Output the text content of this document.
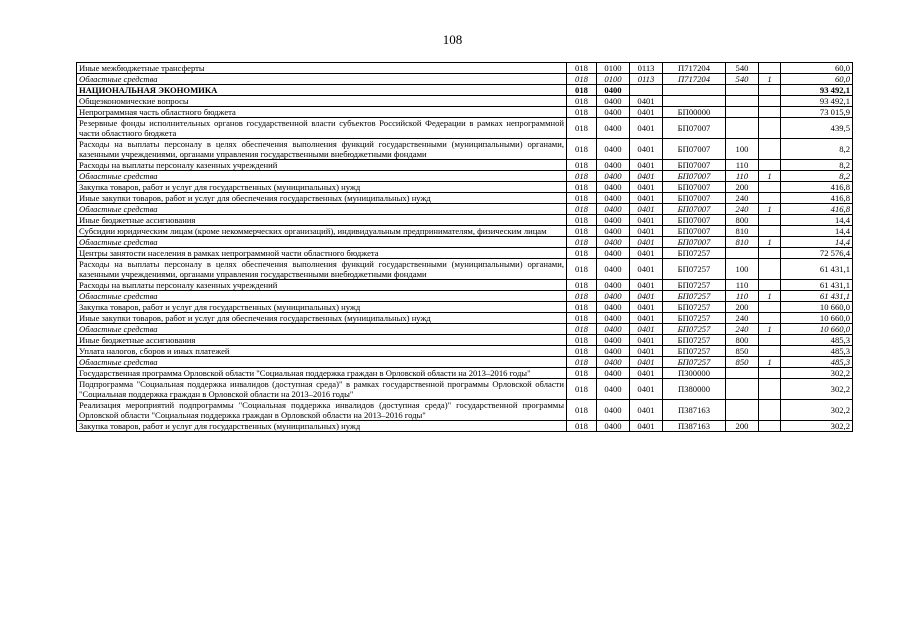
108
Иные межбюджетные трансферты	018	0100	0113	П717204	540		60,0
Областные средства	018	0100	0113	П717204	540	1	60,0
НАЦИОНАЛЬНАЯ ЭКОНОМИКА	018	0400					93 492,1
Общеэкономические вопросы	018	0400	0401				93 492,1
Непрограммная часть областного бюджета	018	0400	0401	БП00000			73 015,9
Резервные фонды исполнительных органов государственной власти субъектов Российской Федерации в рамках непрограммной части областного бюджета	018	0400	0401	БП07007			439,5
Расходы на выплаты персоналу в целях обеспечения выполнения функций государственными (муниципальными) органами, казенными учреждениями, органами управления государственными внебюджетными фондами	018	0400	0401	БП07007	100		8,2
Расходы на выплаты персоналу казенных учреждений	018	0400	0401	БП07007	110		8,2
Областные средства	018	0400	0401	БП07007	110	1	8,2
Закупка товаров, работ и услуг для государственных (муниципальных) нужд	018	0400	0401	БП07007	200		416,8
Иные закупки товаров, работ и услуг для обеспечения государственных (муниципальных) нужд	018	0400	0401	БП07007	240		416,8
Областные средства	018	0400	0401	БП07007	240	1	416,8
Иные бюджетные ассигнования	018	0400	0401	БП07007	800		14,4
Субсидии юридическим лицам (кроме некоммерческих организаций), индивидуальным предпринимателям, физическим лицам	018	0400	0401	БП07007	810		14,4
Областные средства	018	0400	0401	БП07007	810	1	14,4
Центры занятости населения в рамках непрограммной части областного бюджета	018	0400	0401	БП07257			72 576,4
Расходы на выплаты персоналу в целях обеспечения выполнения функций государственными (муниципальными) органами, казенными учреждениями, органами управления государственными внебюджетными фондами	018	0400	0401	БП07257	100		61 431,1
Расходы на выплаты персоналу казенных учреждений	018	0400	0401	БП07257	110		61 431,1
Областные средства	018	0400	0401	БП07257	110	1	61 431,1
Закупка товаров, работ и услуг для государственных (муниципальных) нужд	018	0400	0401	БП07257	200		10 660,0
Иные закупки товаров, работ и услуг для обеспечения государственных (муниципальных) нужд	018	0400	0401	БП07257	240		10 660,0
Областные средства	018	0400	0401	БП07257	240	1	10 660,0
Иные бюджетные ассигнования	018	0400	0401	БП07257	800		485,3
Уплата налогов, сборов и иных платежей	018	0400	0401	БП07257	850		485,3
Областные средства	018	0400	0401	БП07257	850	1	485,3
Государственная программа Орловской области "Социальная поддержка граждан в Орловской области на 2013–2016 годы"	018	0400	0401	П300000			302,2
Подпрограмма "Социальная поддержка инвалидов (доступная среда)" в рамках государственной программы Орловской области "Социальная поддержка граждан в Орловской области на 2013–2016 годы"	018	0400	0401	П380000			302,2
Реализация мероприятий подпрограммы "Социальная поддержка инвалидов (доступная среда)" государственной программы Орловской области "Социальная поддержка граждан в Орловской области на 2013–2016 годы"	018	0400	0401	П387163			302,2
Закупка товаров, работ и услуг для государственных (муниципальных) нужд	018	0400	0401	П387163	200		302,2
